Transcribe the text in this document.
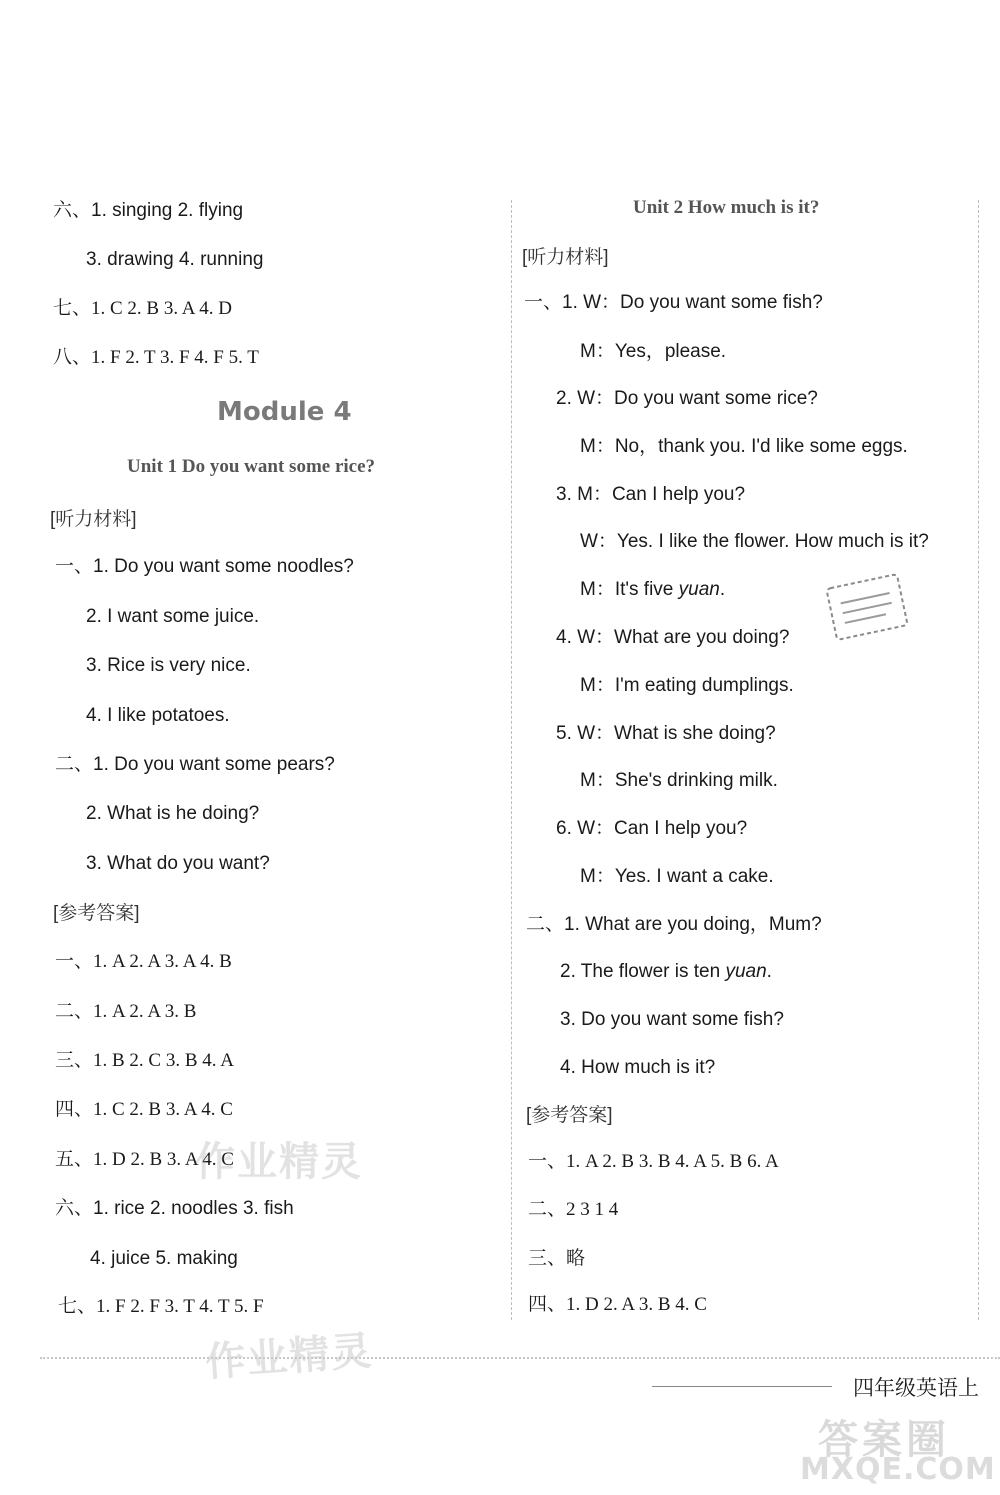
六、1. singing 2. flying
3. drawing 4. running
七、1. C 2. B 3. A 4. D
八、1. F 2. T 3. F 4. F 5. T
Module 4
Unit 1 Do you want some rice?
[听力材料]
一、1. Do you want some noodles?
2. I want some juice.
3. Rice is very nice.
4. I like potatoes.
二、1. Do you want some pears?
2. What is he doing?
3. What do you want?
[参考答案]
一、1. A 2. A 3. A 4. B
二、1. A 2. A 3. B
三、1. B 2. C 3. B 4. A
四、1. C 2. B 3. A 4. C
五、1. D 2. B 3. A 4. C
六、1. rice 2. noodles 3. fish
4. juice 5. making
七、1. F 2. F 3. T 4. T 5. F
Unit 2 How much is it?
[听力材料]
一、1. W：Do you want some fish?
M：Yes，please.
2. W：Do you want some rice?
M：No，thank you. I'd like some eggs.
3. M：Can I help you?
W：Yes. I like the flower. How much is it?
M：It's five yuan.
4. W：What are you doing?
M：I'm eating dumplings.
5. W：What is she doing?
M：She's drinking milk.
6. W：Can I help you?
M：Yes. I want a cake.
二、1. What are you doing，Mum?
2. The flower is ten yuan.
3. Do you want some fish?
4. How much is it?
[参考答案]
一、1. A 2. B 3. B 4. A 5. B 6. A
二、2 3 1 4
三、略
四、1. D 2. A 3. B 4. C
作业精灵
作业精灵
四年级英语上
答案圈
MXQE.COM
